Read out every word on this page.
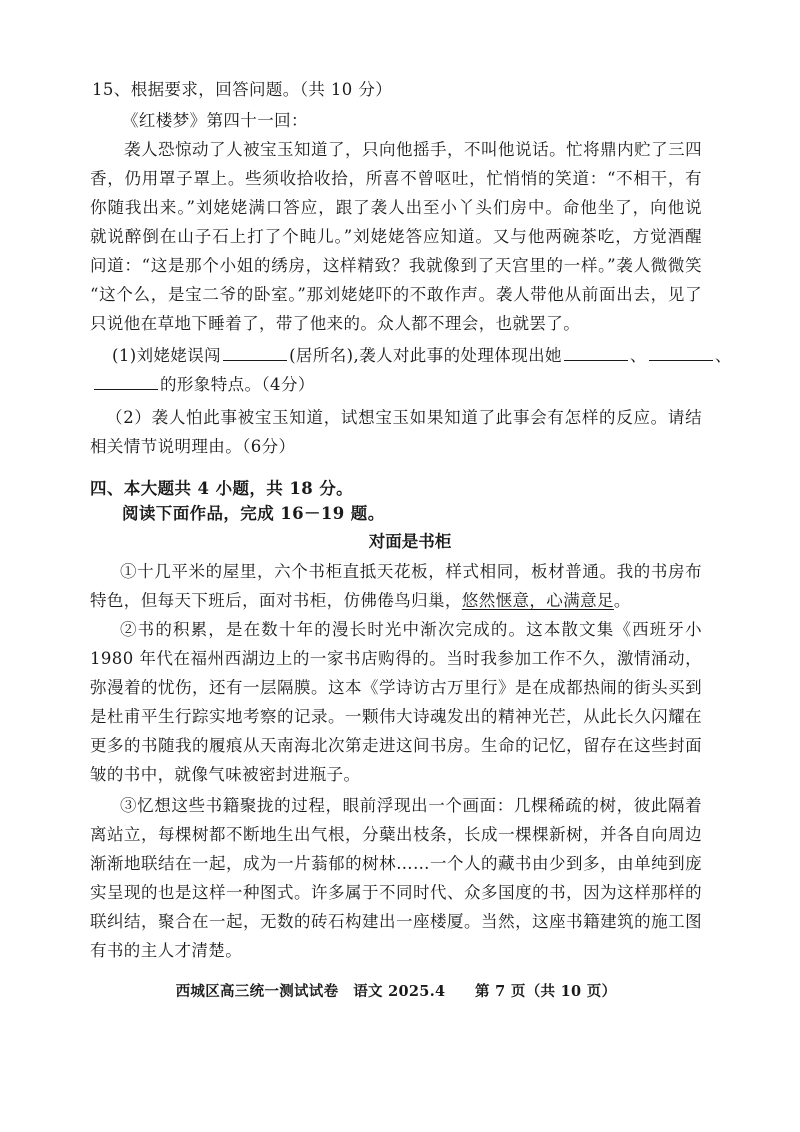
15、根据要求，回答问题。（共 10 分）
《红楼梦》第四十一回：
袭人恐惊动了人被宝玉知道了，只向他摇手，不叫他说话。忙将鼎内贮了三四
香，仍用罩子罩上。些须收拾收拾，所喜不曾呕吐，忙悄悄的笑道：“不相干，有
你随我出来。”刘姥姥满口答应，跟了袭人出至小丫头们房中。命他坐了，向他说
就说醉倒在山子石上打了个盹儿。”刘姥姥答应知道。又与他两碗茶吃，方觉酒醒
问道：“这是那个小姐的绣房，这样精致？我就像到了天宫里的一样。”袭人微微笑
“这个么，是宝二爷的卧室。”那刘姥姥吓的不敢作声。袭人带他从前面出去，见了
只说他在草地下睡着了，带了他来的。众人都不理会，也就罢了。
(1)刘姥姥误闯	(居所名),袭人对此事的处理体现出她	、	、
的形象特点。（4分）
（2）袭人怕此事被宝玉知道，试想宝玉如果知道了此事会有怎样的反应。请结
相关情节说明理由。（6分）
四、本大题共 4 小题，共 18 分。
阅读下面作品，完成 16－19 题。
对面是书柜
①十几平米的屋里，六个书柜直抵天花板，样式相同，板材普通。我的书房布
特色，但每天下班后，面对书柜，仿佛倦鸟归巢，悠然惬意，心满意足。
②书的积累，是在数十年的漫长时光中渐次完成的。这本散文集《西班牙小
1980 年代在福州西湖边上的一家书店购得的。当时我参加工作不久，激情涌动，
弥漫着的忧伤，还有一层隔膜。这本《学诗访古万里行》是在成都热闹的街头买到
是杜甫平生行踪实地考察的记录。一颗伟大诗魂发出的精神光芒，从此长久闪耀在
更多的书随我的履痕从天南海北次第走进这间书房。生命的记忆，留存在这些封面
皱的书中，就像气味被密封进瓶子。
③忆想这些书籍聚拢的过程，眼前浮现出一个画面：几棵稀疏的树，彼此隔着
离站立，每棵树都不断地生出气根，分蘖出枝条，长成一棵棵新树，并各自向周边
渐渐地联结在一起，成为一片蓊郁的树林……一个人的藏书由少到多，由单纯到庞
实呈现的也是这样一种图式。许多属于不同时代、众多国度的书，因为这样那样的
联纠结，聚合在一起，无数的砖石构建出一座楼厦。当然，这座书籍建筑的施工图
有书的主人才清楚。
西城区高三统一测试试卷　语文 2025.4　　第 7 页（共 10 页）
